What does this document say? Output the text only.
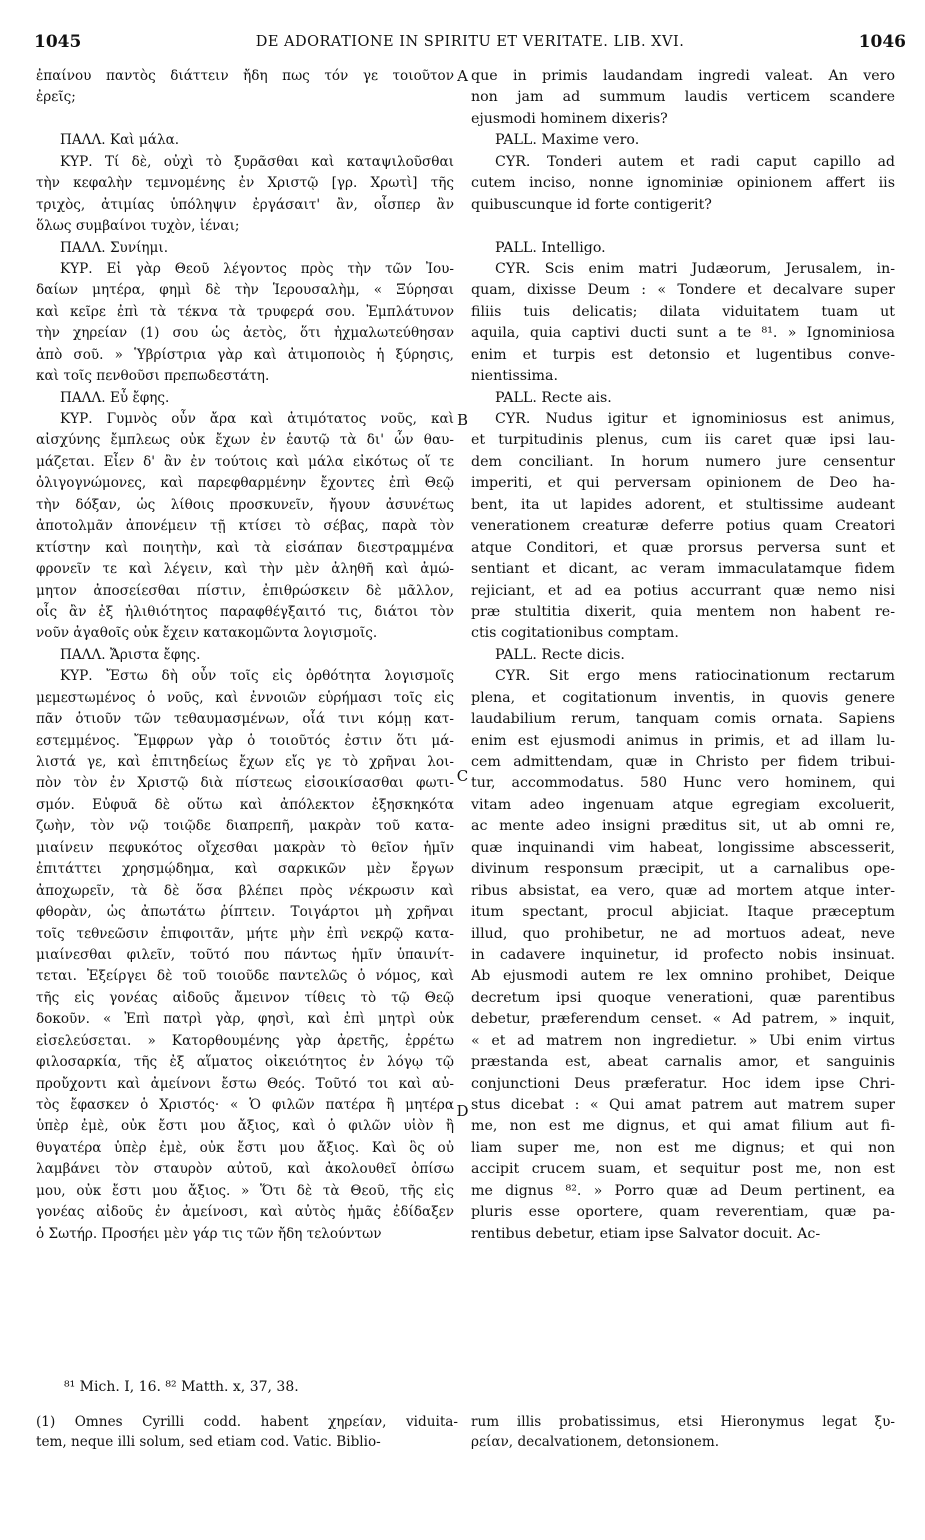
1045	DE ADORATIONE IN SPIRITU ET VERITATE. LIB. XVI.	1046
ἐπαίνου παντὸς διάττειν ἤδη πως τόν γε τοιοῦτον
ἐρεῖς;

ΠΑΛΛ. Καὶ μάλα.
ΚΥΡ. Τί δὲ, οὐχὶ τὸ ξυρᾶσθαι καὶ καταψιλοῦσθαι
τὴν κεφαλὴν τεμνομένης ἐν Χριστῷ [γρ. Χρωτὶ] τῆς
τριχὸς, ἀτιμίας ὑπόληψιν ἐργάσαιτ' ἂν, οἷσπερ ἂν
ὅλως συμβαίνοι τυχὸν, ἰέναι;
ΠΑΛΛ. Συνίημι.
ΚΥΡ. Εἰ γὰρ Θεοῦ λέγοντος πρὸς τὴν τῶν Ἰου-
δαίων μητέρα, φημὶ δὲ τὴν Ἱερουσαλὴμ, « Ξύρησαι
καὶ κεῖρε ἐπὶ τὰ τέκνα τὰ τρυφερά σου. Ἐμπλάτυνον
τὴν χηρείαν (1) σου ὡς ἀετὸς, ὅτι ἠχμαλωτεύθησαν
ἀπὸ σοῦ. » Ὑβρίστρια γὰρ καὶ ἀτιμοποιὸς ἡ ξύρησις,
καὶ τοῖς πενθοῦσι πρεπωδεστάτη.
ΠΑΛΛ. Εὖ ἔφης.
ΚΥΡ. Γυμνὸς οὖν ἄρα καὶ ἀτιμότατος νοῦς, καὶ
αἰσχύνης ἔμπλεως οὐκ ἔχων ἐν ἑαυτῷ τὰ δι' ὧν θαυ-
μάζεται. Εἶεν δ' ἂν ἐν τούτοις καὶ μάλα εἰκότως οἵ τε
ὀλιγογνώμονες, καὶ παρεφθαρμένην ἔχοντες ἐπὶ Θεῷ
τὴν δόξαν, ὡς λίθοις προσκυνεῖν, ἤγουν ἀσυνέτως
ἀποτολμᾶν ἀπονέμειν τῇ κτίσει τὸ σέβας, παρὰ τὸν
κτίστην καὶ ποιητὴν, καὶ τὰ εἰσάπαν διεστραμμένα
φρονεῖν τε καὶ λέγειν, καὶ τὴν μὲν ἀληθῆ καὶ ἀμώ-
μητον ἀποσείεσθαι πίστιν, ἐπιθρώσκειν δὲ μᾶλλον,
οἷς ἂν ἐξ ἠλιθιότητος παραφθέγξαιτό τις, διάτοι τὸν
νοῦν ἀγαθοῖς οὐκ ἔχειν κατακομῶντα λογισμοῖς.
ΠΑΛΛ. Ἄριστα ἔφης.
ΚΥΡ. Ἔστω δὴ οὖν τοῖς εἰς ὀρθότητα λογισμοῖς
μεμεστωμένος ὁ νοῦς, καὶ ἐννοιῶν εὑρήμασι τοῖς εἰς
πᾶν ὁτιοῦν τῶν τεθαυμασμένων, οἷά τινι κόμῃ κατ-
εστεμμένος. Ἔμφρων γὰρ ὁ τοιοῦτός ἐστιν ὅτι μά-
λιστά γε, καὶ ἐπιτηδείως ἔχων εἴς γε τὸ χρῆναι λοι-
πὸν τὸν ἐν Χριστῷ διὰ πίστεως εἰσοικίσασθαι φωτι-
σμόν. Εὐφυᾶ δὲ οὕτω καὶ ἀπόλεκτον ἐξησκηκότα
ζωὴν, τὸν νῷ τοιῷδε διαπρεπῆ, μακρὰν τοῦ κατα-
μιαίνειν πεφυκότος οἴχεσθαι μακρὰν τὸ θεῖον ἡμῖν
ἐπιτάττει χρησμῴδημα, καὶ σαρκικῶν μὲν ἔργων
ἀποχωρεῖν, τὰ δὲ ὅσα βλέπει πρὸς νέκρωσιν καὶ
φθορὰν, ὡς ἀπωτάτω ῥίπτειν. Τοιγάρτοι μὴ χρῆναι
τοῖς τεθνεῶσιν ἐπιφοιτᾶν, μήτε μὴν ἐπὶ νεκρῷ κατα-
μιαίνεσθαι φιλεῖν, τοῦτό που πάντως ἡμῖν ὑπαινίτ-
τεται. Ἐξείργει δὲ τοῦ τοιοῦδε παντελῶς ὁ νόμος, καὶ
τῆς εἰς γονέας αἰδοῦς ἄμεινον τίθεις τὸ τῷ Θεῷ
δοκοῦν. « Ἐπὶ πατρὶ γὰρ, φησὶ, καὶ ἐπὶ μητρὶ οὐκ
εἰσελεύσεται. » Κατορθουμένης γὰρ ἀρετῆς, ἐρρέτω
φιλοσαρκία, τῆς ἐξ αἵματος οἰκειότητος ἐν λόγῳ τῷ
προὔχοντι καὶ ἀμείνονι ἔστω Θεός. Τοῦτό τοι καὶ αὐ-
τὸς ἔφασκεν ὁ Χριστός· « Ὁ φιλῶν πατέρα ἢ μητέρα
ὑπὲρ ἐμὲ, οὐκ ἔστι μου ἄξιος, καὶ ὁ φιλῶν υἱὸν ἢ
θυγατέρα ὑπὲρ ἐμὲ, οὐκ ἔστι μου ἄξιος. Καὶ ὃς οὐ
λαμβάνει τὸν σταυρὸν αὐτοῦ, καὶ ἀκολουθεῖ ὀπίσω
μου, οὐκ ἔστι μου ἄξιος. » Ὅτι δὲ τὰ Θεοῦ, τῆς εἰς
γονέας αἰδοῦς ἐν ἀμείνοσι, καὶ αὐτὸς ἡμᾶς ἐδίδαξεν
ὁ Σωτήρ. Προσήει μὲν γάρ τις τῶν ἤδη τελούντων
que in primis laudandam ingredi valeat. An vero
non jam ad summum laudis verticem scandere
ejusmodi hominem dixeris?
PALL. Maxime vero.
CYR. Tonderi autem et radi caput capillo ad
cutem inciso, nonne ignominiæ opinionem affert iis
quibuscunque id forte contigerit?

PALL. Intelligo.
CYR. Scis enim matri Judæorum, Jerusalem, in-
quam, dixisse Deum : « Tondere et decalvare super
filiis tuis delicatis; dilata viduitatem tuam ut
aquila, quia captivi ducti sunt a te ⁸¹. » Ignominiosa
enim et turpis est detonsio et lugentibus conve-
nientissima.
PALL. Recte ais.
CYR. Nudus igitur et ignominiosus est animus,
et turpitudinis plenus, cum iis caret quæ ipsi lau-
dem conciliant. In horum numero jure censentur
imperiti, et qui perversam opinionem de Deo ha-
bent, ita ut lapides adorent, et stultissime audeant
venerationem creaturæ deferre potius quam Creatori
atque Conditori, et quæ prorsus perversa sunt et
sentiant et dicant, ac veram immaculatamque fidem
rejiciant, et ad ea potius accurrant quæ nemo nisi
præ stultitia dixerit, quia mentem non habent re-
ctis cogitationibus comptam.
PALL. Recte dicis.
CYR. Sit ergo mens ratiocinationum rectarum
plena, et cogitationum inventis, in quovis genere
laudabilium rerum, tanquam comis ornata. Sapiens
enim est ejusmodi animus in primis, et ad illam lu-
cem admittendam, quæ in Christo per fidem tribui-
tur, accommodatus. 580 Hunc vero hominem, qui
vitam adeo ingenuam atque egregiam excoluerit,
ac mente adeo insigni præditus sit, ut ab omni re,
quæ inquinandi vim habeat, longissime abscesserit,
divinum responsum præcipit, ut a carnalibus ope-
ribus absistat, ea vero, quæ ad mortem atque inter-
itum spectant, procul abjiciat. Itaque præceptum
illud, quo prohibetur, ne ad mortuos adeat, neve
in cadavere inquinetur, id profecto nobis insinuat.
Ab ejusmodi autem re lex omnino prohibet, Deique
decretum ipsi quoque venerationi, quæ parentibus
debetur, præferendum censet. « Ad patrem, » inquit,
« et ad matrem non ingredietur. » Ubi enim virtus
præstanda est, abeat carnalis amor, et sanguinis
conjunctioni Deus præferatur. Hoc idem ipse Chri-
stus dicebat : « Qui amat patrem aut matrem super
me, non est me dignus, et qui amat filium aut fi-
liam super me, non est me dignus; et qui non
accipit crucem suam, et sequitur post me, non est
me dignus ⁸². » Porro quæ ad Deum pertinent, ea
pluris esse oportere, quam reverentiam, quæ pa-
rentibus debetur, etiam ipse Salvator docuit. Ac-
A
B
C
D
⁸¹ Mich. I, 16. ⁸² Matth. x, 37, 38.
(1) Omnes Cyrilli codd. habent χηρείαν, viduita-
tem, neque illi solum, sed etiam cod. Vatic. Biblio-
rum illis probatissimus, etsi Hieronymus legat ξυ-
ρείαν, decalvationem, detonsionem.
